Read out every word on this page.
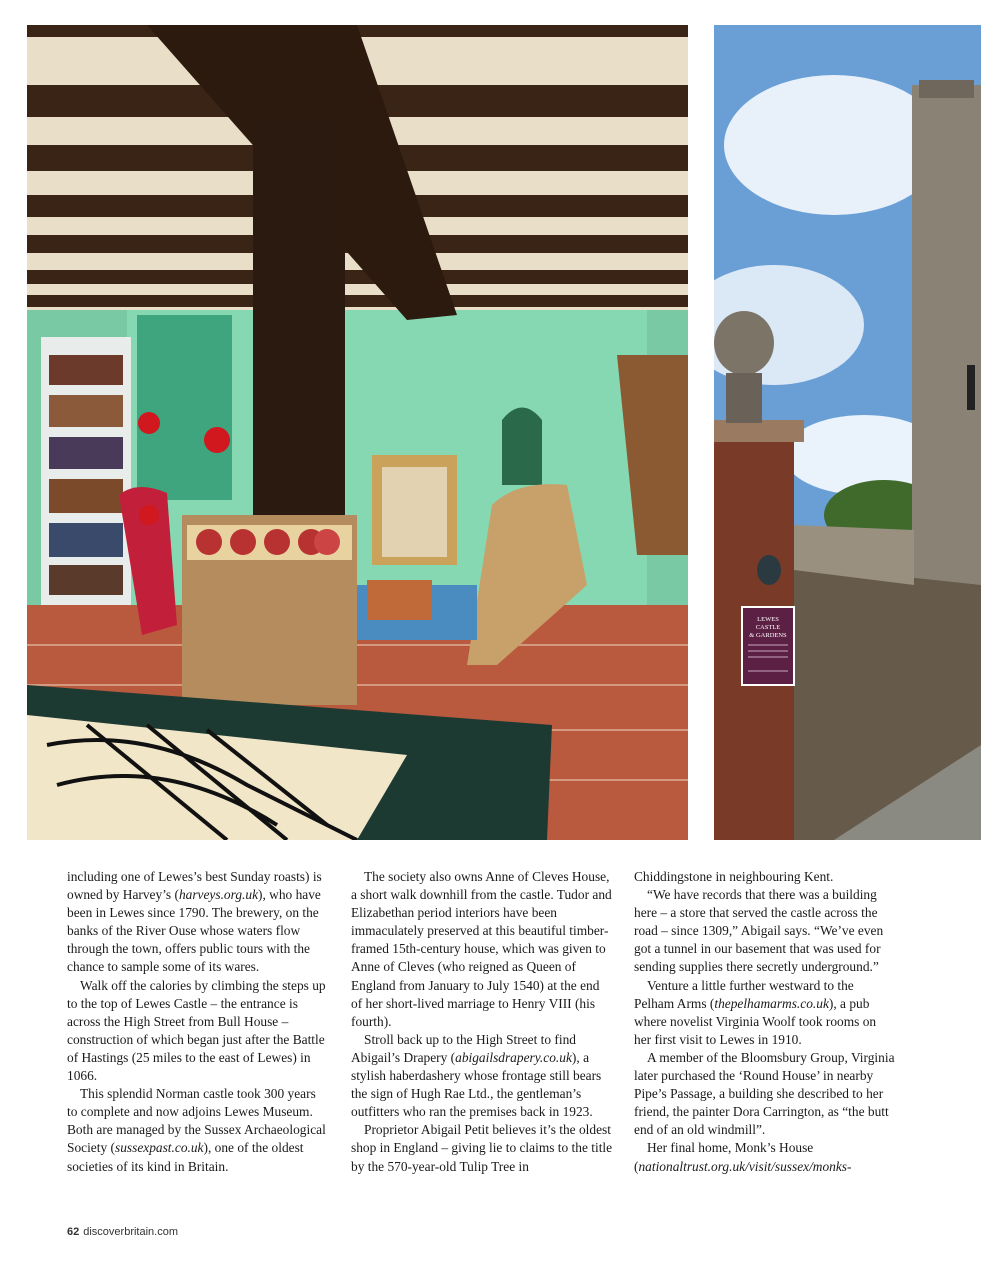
LEWES
CASTLE
& GARDENS

including one of Lewes’s best Sunday roasts) is owned by Harvey’s (harveys.org.uk), who have been in Lewes since 1790. The brewery, on the banks of the River Ouse whose waters flow through the town, offers public tours with the chance to sample some of its wares.

Walk off the calories by climbing the steps up to the top of Lewes Castle – the entrance is across the High Street from Bull House – construction of which began just after the Battle of Hastings (25 miles to the east of Lewes) in 1066.

This splendid Norman castle took 300 years to complete and now adjoins Lewes Museum. Both are managed by the Sussex Archaeological Society (sussexpast.co.uk), one of the oldest societies of its kind in Britain.

The society also owns Anne of Cleves House, a short walk downhill from the castle. Tudor and Elizabethan period interiors have been immaculately preserved at this beautiful timber-framed 15th-century house, which was given to Anne of Cleves (who reigned as Queen of England from January to July 1540) at the end of her short-lived marriage to Henry VIII (his fourth).

Stroll back up to the High Street to find Abigail’s Drapery (abigailsdrapery.co.uk), a stylish haberdashery whose frontage still bears the sign of Hugh Rae Ltd., the gentleman’s outfitters who ran the premises back in 1923.

Proprietor Abigail Petit believes it’s the oldest shop in England – giving lie to claims to the title by the 570-year-old Tulip Tree in

Chiddingstone in neighbouring Kent.

“We have records that there was a building here – a store that served the castle across the road – since 1309,” Abigail says. “We’ve even got a tunnel in our basement that was used for sending supplies there secretly underground.”

Venture a little further westward to the Pelham Arms (thepelhamarms.co.uk), a pub where novelist Virginia Woolf took rooms on her first visit to Lewes in 1910.

A member of the Bloomsbury Group, Virginia later purchased the ‘Round House’ in nearby Pipe’s Passage, a building she described to her friend, the painter Dora Carrington, as “the butt end of an old windmill”.

Her final home, Monk’s House (nationaltrust.org.uk/visit/sussex/monks-

62 discoverbritain.com
